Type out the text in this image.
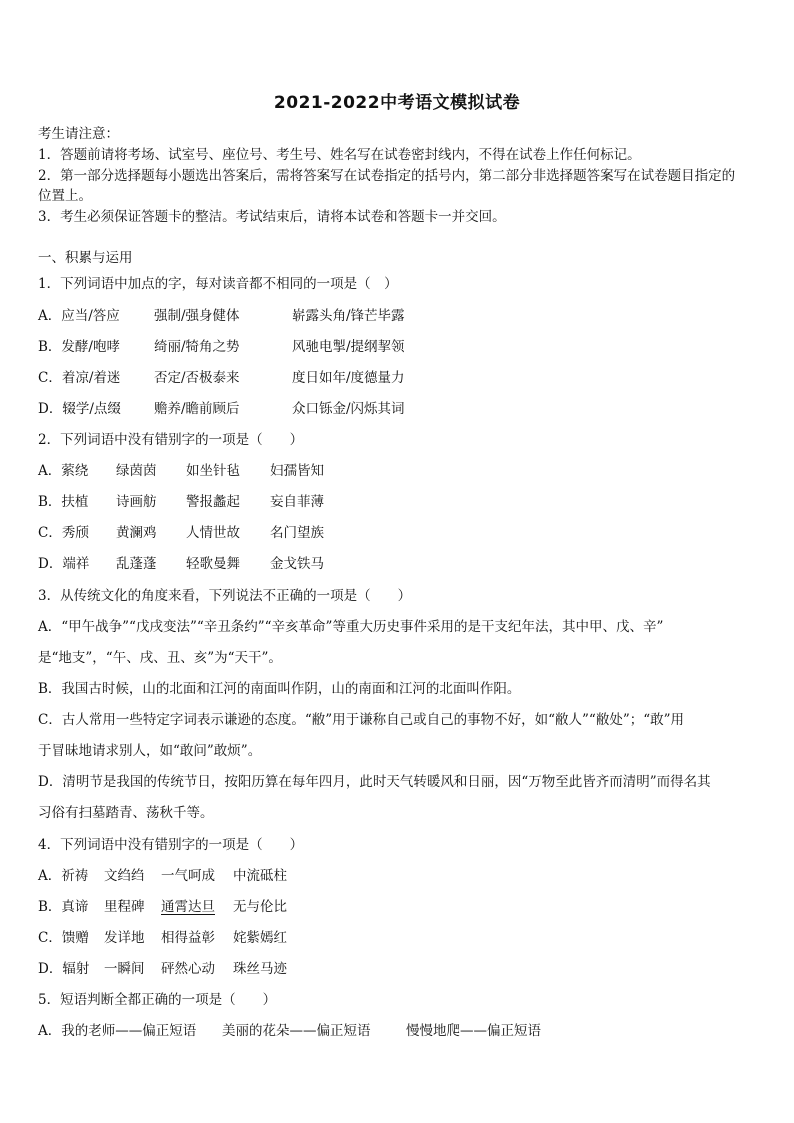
2021-2022中考语文模拟试卷
考生请注意：
1．答题前请将考场、试室号、座位号、考生号、姓名写在试卷密封线内，不得在试卷上作任何标记。
2．第一部分选择题每小题选出答案后，需将答案写在试卷指定的括号内，第二部分非选择题答案写在试卷题目指定的
位置上。
3．考生必须保证答题卡的整洁。考试结束后，请将本试卷和答题卡一并交回。
一、积累与运用
1．下列词语中加点的字，每对读音都不相同的一项是（　）
A．应当/答应	强制/强身健体	崭露头角/锋芒毕露
B．发酵/咆哮	绮丽/犄角之势	风驰电掣/提纲挈领
C．着凉/着迷 否定/否极泰来	度日如年/度德量力
D．辍学/点缀 赡养/瞻前顾后	众口铄金/闪烁其词
2．下列词语中没有错别字的一项是（　　）
A．萦绕 绿茵茵 如坐针毡 妇孺皆知
B．扶植 诗画舫 警报蠡起 妄自菲薄
C．秀颀 黄澜鸡 人情世故 名门望族
D．端祥 乱蓬蓬 轻歌曼舞 金戈铁马
3．从传统文化的角度来看，下列说法不正确的一项是（　　）
A．“甲午战争”“戊戌变法”“辛丑条约”“辛亥革命”等重大历史事件采用的是干支纪年法，其中甲、戊、辛”
是“地支”，“午、戌、丑、亥”为“天干”。
B．我国古时候，山的北面和江河的南面叫作阴，山的南面和江河的北面叫作阳。
C．古人常用一些特定字词表示谦逊的态度。“敝”用于谦称自己或自己的事物不好，如“敝人”“敝处”；“敢”用
于冒昧地请求别人，如“敢问”敢烦”。
D．清明节是我国的传统节日，按阳历算在每年四月，此时天气转暖风和日丽，因“万物至此皆齐而清明”而得名其
习俗有扫墓踏青、荡秋千等。
4．下列词语中没有错别字的一项是（　　）
A．祈祷 文绉绉 一气呵成 中流砥柱
B．真谛 里程碑 通霄达旦 无与伦比
C．馈赠 发详地 相得益彰 姹紫嫣红
D．辐射 一瞬间 砰然心动 珠丝马迹
5．短语判断全都正确的一项是（　　）
A．我的老师——偏正短语 美丽的花朵——偏正短语	慢慢地爬——偏正短语
